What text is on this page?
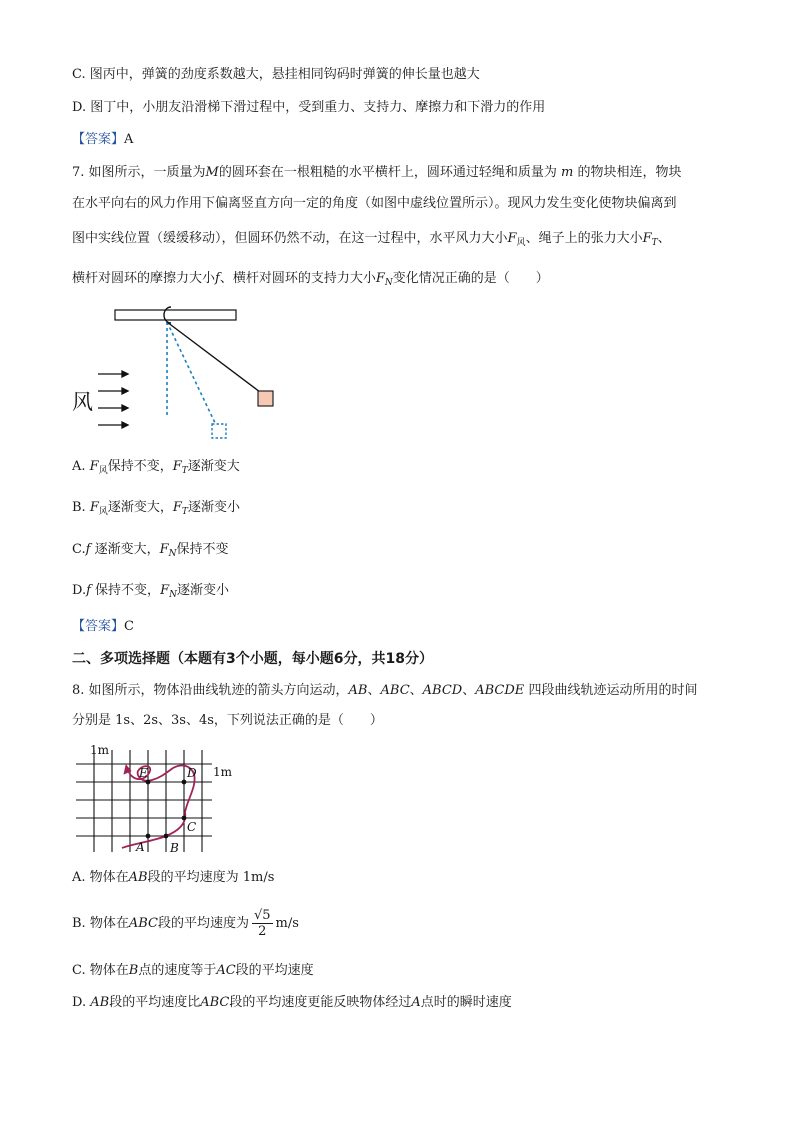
C. 图丙中，弹簧的劲度系数越大，悬挂相同钩码时弹簧的伸长量也越大
D. 图丁中，小朋友沿滑梯下滑过程中，受到重力、支持力、摩擦力和下滑力的作用
【答案】A
7. 如图所示，一质量为M的圆环套在一根粗糙的水平横杆上，圆环通过轻绳和质量为 m 的物块相连，物块
在水平向右的风力作用下偏离竖直方向一定的角度（如图中虚线位置所示）。现风力发生变化使物块偏离到
图中实线位置（缓缓移动），但圆环仍然不动，在这一过程中，水平风力大小$F_风$、绳子上的张力大小$F_T$、
横杆对圆环的摩擦力大小f、横杆对圆环的支持力大小$F_N$变化情况正确的是（　　）
风
A. $F_风$保持不变，$F_T$逐渐变大
B. $F_风$逐渐变大，$F_T$逐渐变小
C.f 逐渐变大，$F_N$保持不变
D.f 保持不变，$F_N$逐渐变小
【答案】C
二、多项选择题（本题有3个小题，每小题6分，共18分）
8. 如图所示，物体沿曲线轨迹的箭头方向运动，AB、ABC、ABCD、ABCDE 四段曲线轨迹运动所用的时间
分别是 1s、2s、3s、4s，下列说法正确的是（　　）
A B
C
D
E
1m
1m
A. 物体在AB段的平均速度为 1m/s
B. 物体在ABC段的平均速度为 $\frac{√5}{2} m/s$
C. 物体在B点的速度等于AC段的平均速度
D. AB段的平均速度比ABC段的平均速度更能反映物体经过A点时的瞬时速度
